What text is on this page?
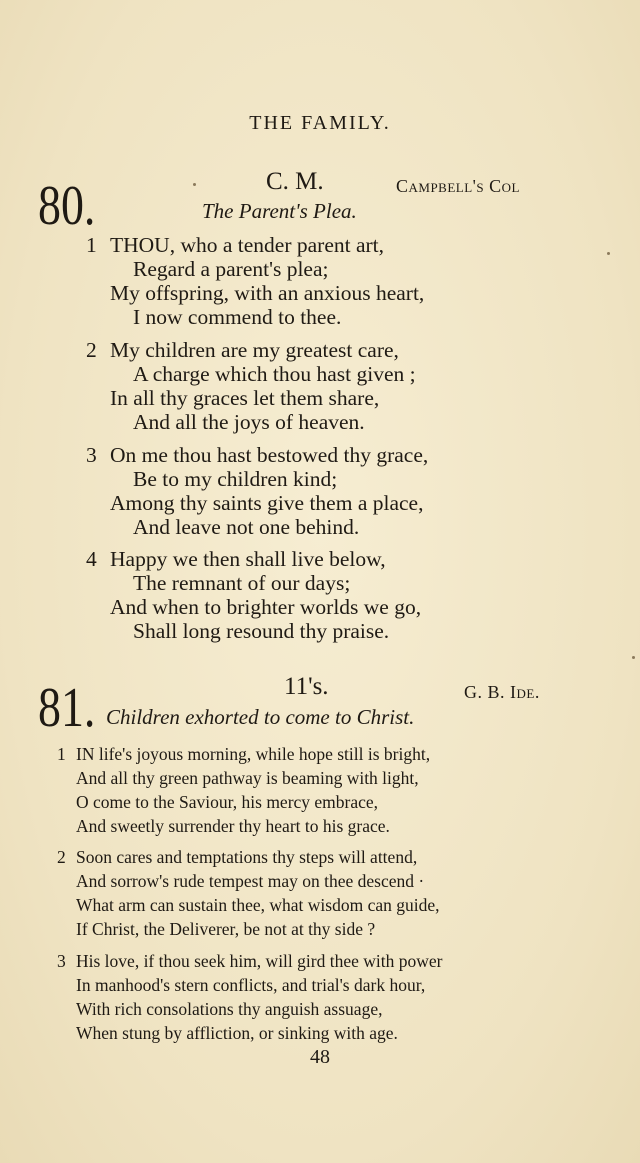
THE FAMILY.
80.	C. M.	Campbell's Col
The Parent's Plea.
1 THOU, who a tender parent art,
Regard a parent's plea;
My offspring, with an anxious heart,
I now commend to thee.
2 My children are my greatest care,
A charge which thou hast given ;
In all thy graces let them share,
And all the joys of heaven.
3 On me thou hast bestowed thy grace,
Be to my children kind;
Among thy saints give them a place,
And leave not one behind.
4 Happy we then shall live below,
The remnant of our days;
And when to brighter worlds we go,
Shall long resound thy praise.
81.	11's.	G. B. Ide.
Children exhorted to come to Christ.
1 IN life's joyous morning, while hope still is bright,
And all thy green pathway is beaming with light,
O come to the Saviour, his mercy embrace,
And sweetly surrender thy heart to his grace.
2 Soon cares and temptations thy steps will attend,
And sorrow's rude tempest may on thee descend ·
What arm can sustain thee, what wisdom can guide,
If Christ, the Deliverer, be not at thy side ?
3 His love, if thou seek him, will gird thee with power
In manhood's stern conflicts, and trial's dark hour,
With rich consolations thy anguish assuage,
When stung by affliction, or sinking with age.
48
